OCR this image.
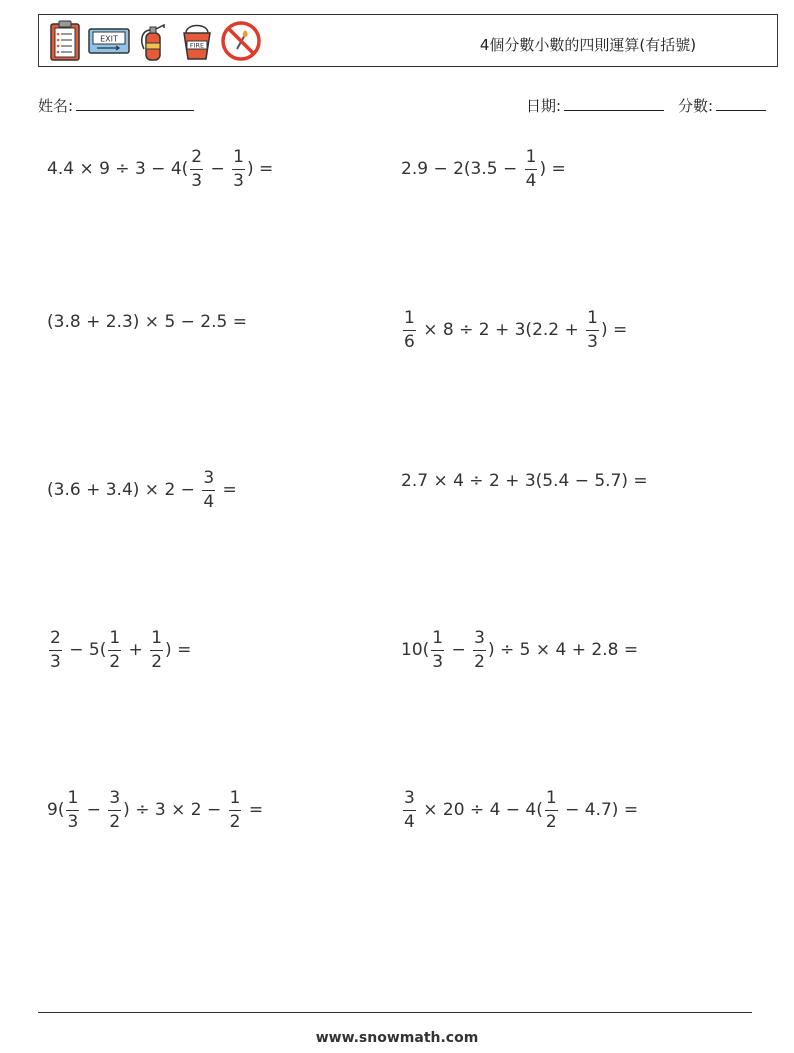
EXIT
FIRE	4個分數小數的四則運算(有括號)
姓名:	日期:	分數:
$4.4 \times 9 \div 3 - 4( \frac{2}{3} - \frac{1}{3}$ ) =	$2.9 - 2(3.5 - \frac{1}{4}$ ) =
(3.8 + 2.3) × 5 − 2.5 =	$\frac{1}{6} \times 8 \div 2 + 3(2.2 + \frac{1}{3}$ ) =
$(3.6 + 3.4) \times 2 - \frac{3}{4}$ =	2.7 × 4 ÷ 2 + 3(5.4 − 5.7) =
$\frac{2}{3} - 5( \frac{1}{2} + \frac{1}{2}$ ) =	$10( \frac{1}{3} - \frac{3}{2}$ ) ÷ 5 × 4 + 2.8 =
$9( \frac{1}{3} - \frac{3}{2}$ ) ÷ $3 \times 2 - \frac{1}{2}$ =	$\frac{3}{4} \times 20 \div 4 - 4( \frac{1}{2} - 4.7)$ =
www.snowmath.com
